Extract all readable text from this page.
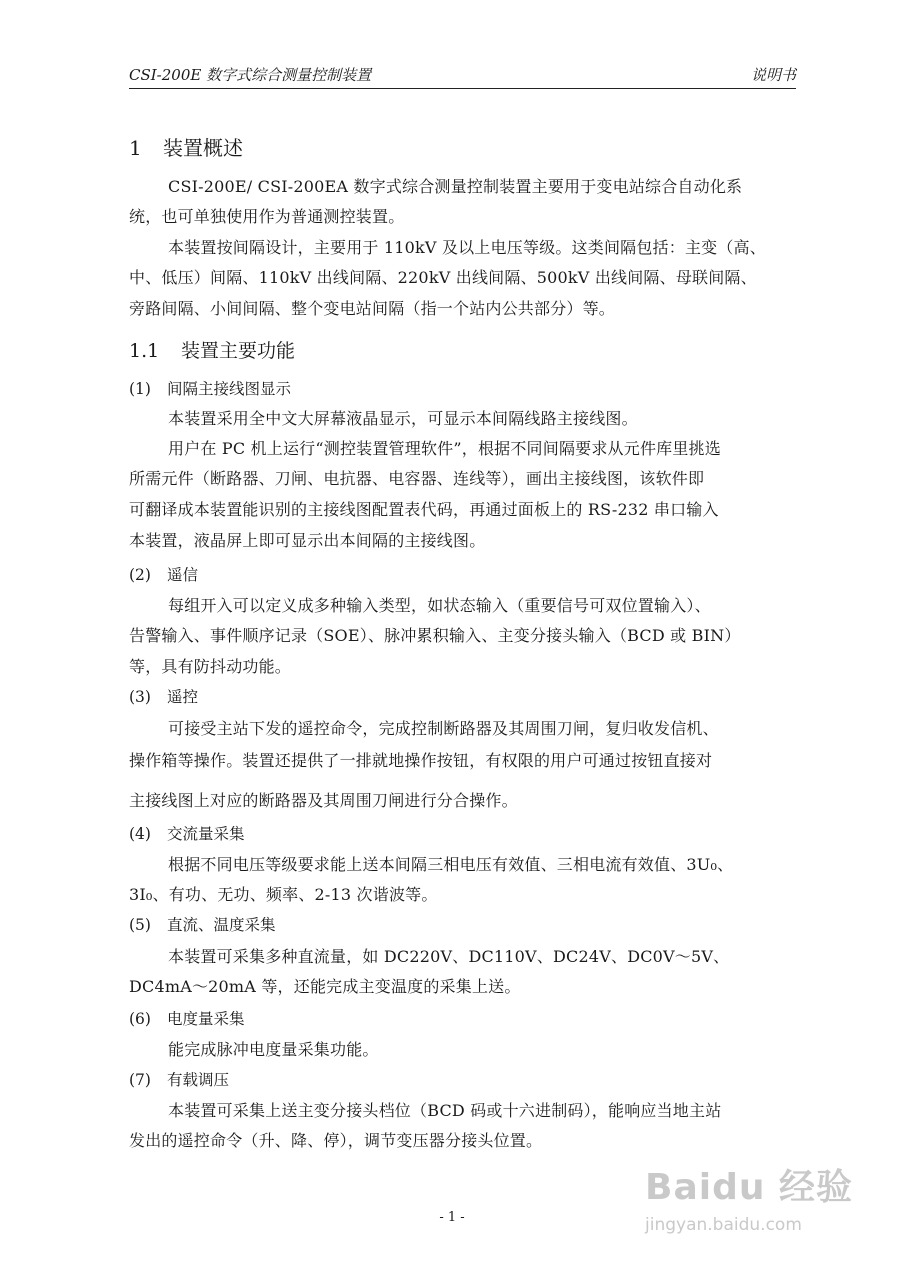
CSI-200E 数字式综合测量控制装置	说明书
1 装置概述
CSI-200E/ CSI-200EA 数字式综合测量控制装置主要用于变电站综合自动化系
统，也可单独使用作为普通测控装置。
本装置按间隔设计，主要用于 110kV 及以上电压等级。这类间隔包括：主变（高、
中、低压）间隔、110kV 出线间隔、220kV 出线间隔、500kV 出线间隔、母联间隔、
旁路间隔、小间间隔、整个变电站间隔（指一个站内公共部分）等。
1.1 装置主要功能
(1) 间隔主接线图显示
本装置采用全中文大屏幕液晶显示，可显示本间隔线路主接线图。
用户在 PC 机上运行“测控装置管理软件”，根据不同间隔要求从元件库里挑选
所需元件（断路器、刀闸、电抗器、电容器、连线等），画出主接线图，该软件即
可翻译成本装置能识别的主接线图配置表代码，再通过面板上的 RS-232 串口输入
本装置，液晶屏上即可显示出本间隔的主接线图。
(2) 遥信
每组开入可以定义成多种输入类型，如状态输入（重要信号可双位置输入）、
告警输入、事件顺序记录（SOE）、脉冲累积输入、主变分接头输入（BCD 或 BIN）
等，具有防抖动功能。
(3) 遥控
可接受主站下发的遥控命令，完成控制断路器及其周围刀闸，复归收发信机、
操作箱等操作。装置还提供了一排就地操作按钮，有权限的用户可通过按钮直接对
主接线图上对应的断路器及其周围刀闸进行分合操作。
(4) 交流量采集
根据不同电压等级要求能上送本间隔三相电压有效值、三相电流有效值、3U₀、
3I₀、有功、无功、频率、2-13 次谐波等。
(5) 直流、温度采集
本装置可采集多种直流量，如 DC220V、DC110V、DC24V、DC0V～5V、
DC4mA～20mA 等，还能完成主变温度的采集上送。
(6) 电度量采集
能完成脉冲电度量采集功能。
(7) 有载调压
本装置可采集上送主变分接头档位（BCD 码或十六进制码），能响应当地主站
发出的遥控命令（升、降、停），调节变压器分接头位置。
- 1 -
Baidu 经验
jingyan.baidu.com
